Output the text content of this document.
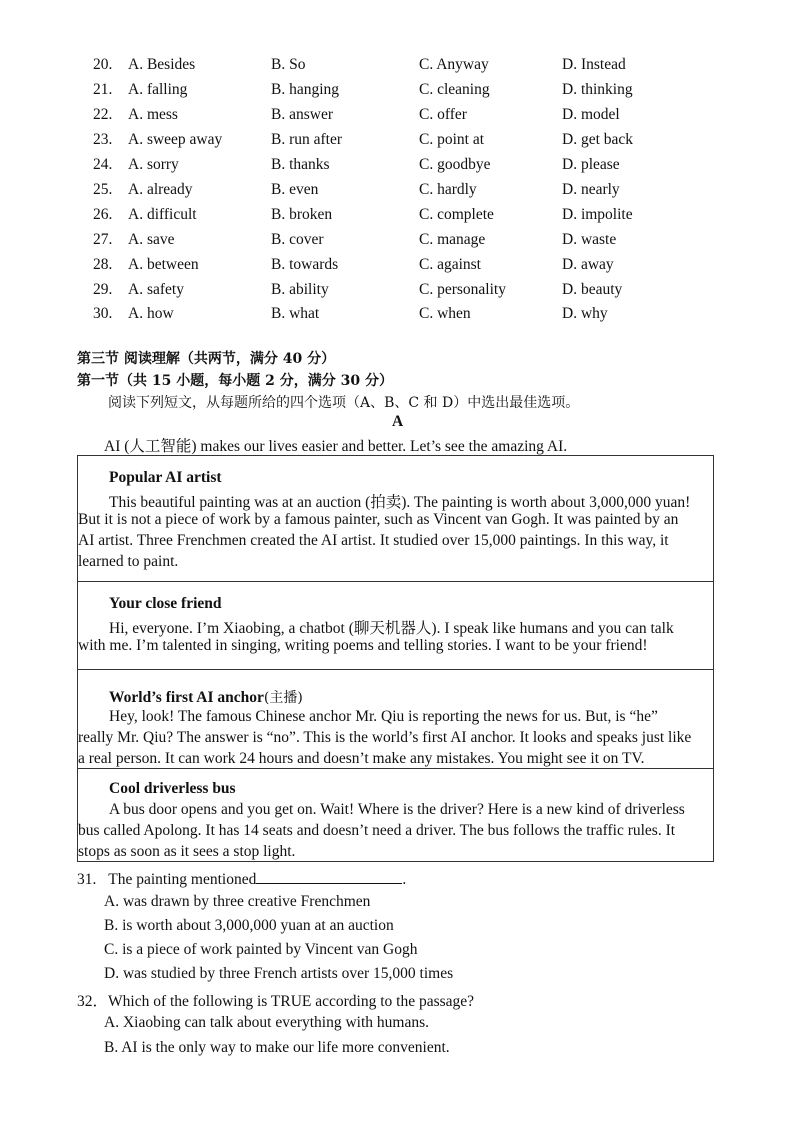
20. A. Besides	B. So	C. Anyway	D. Instead
21. A. falling	B. hanging	C. cleaning	D. thinking
22. A. mess	B. answer	C. offer	D. model
23. A. sweep away	B. run after	C. point at	D. get back
24. A. sorry	B. thanks	C. goodbye	D. please
25. A. already	B. even	C. hardly	D. nearly
26. A. difficult	B. broken	C. complete	D. impolite
27. A. save	B. cover	C. manage	D. waste
28. A. between	B. towards	C. against	D. away
29. A. safety	B. ability	C. personality	D. beauty
30. A. how	B. what	C. when	D. why
第三节 阅读理解（共两节，满分 40 分）
第一节（共 15 小题，每小题 2 分，满分 30 分）
阅读下列短文，从每题所给的四个选项（A、B、C 和 D）中选出最佳选项。
A
AI (人工智能) makes our lives easier and better. Let’s see the amazing AI.
Popular AI artist
This beautiful painting was at an auction (拍卖). The painting is worth about 3,000,000 yuan!
But it is not a piece of work by a famous painter, such as Vincent van Gogh. It was painted by an
AI artist. Three Frenchmen created the AI artist. It studied over 15,000 paintings. In this way, it
learned to paint.
Your close friend
Hi, everyone. I’m Xiaobing, a chatbot (聊天机器人). I speak like humans and you can talk
with me. I’m talented in singing, writing poems and telling stories. I want to be your friend!
World’s first AI anchor(主播)
Hey, look! The famous Chinese anchor Mr. Qiu is reporting the news for us. But, is “he”
really Mr. Qiu? The answer is “no”. This is the world’s first AI anchor. It looks and speaks just like
a real person. It can work 24 hours and doesn’t make any mistakes. You might see it on TV.
Cool driverless bus
A bus door opens and you get on. Wait! Where is the driver? Here is a new kind of driverless
bus called Apolong. It has 14 seats and doesn’t need a driver. The bus follows the traffic rules. It
stops as soon as it sees a stop light.
31. The painting mentioned	.
A. was drawn by three creative Frenchmen
B. is worth about 3,000,000 yuan at an auction
C. is a piece of work painted by Vincent van Gogh
D. was studied by three French artists over 15,000 times
32．Which of the following is TRUE according to the passage?
A. Xiaobing can talk about everything with humans.
B. AI is the only way to make our life more convenient.
